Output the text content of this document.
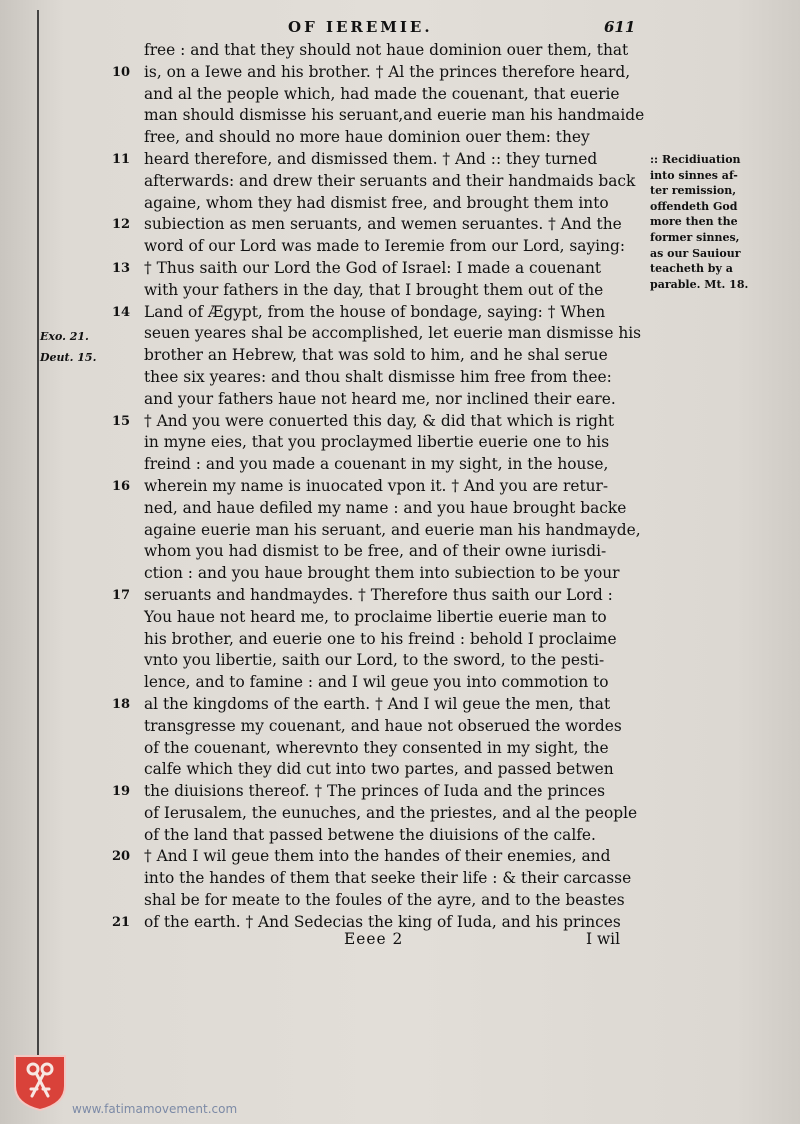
OF IEREMIE.	611
Exo. 21.
Deut. 15.
free : and that they should not haue dominion ouer them, that
10 is, on a Iewe and his brother. † Al the princes therefore heard,
and al the people which, had made the couenant, that euerie
man should dismisse his seruant,and euerie man his handmaide
free, and should no more haue dominion ouer them: they
11 heard therefore, and dismissed them. † And :: they turned
afterwards: and drew their seruants and their handmaids back
againe, whom they had dismist free, and brought them into
12 subiection as men seruants, and wemen seruantes. † And the
word of our Lord was made to Ieremie from our Lord, saying:
13 † Thus saith our Lord the God of Israel: I made a couenant
with your fathers in the day, that I brought them out of the
14 Land of Ægypt, from the house of bondage, saying: † When
seuen yeares shal be accomplished, let euerie man dismisse his
brother an Hebrew, that was sold to him, and he shal serue
thee six yeares: and thou shalt dismisse him free from thee:
and your fathers haue not heard me, nor inclined their eare.
15 † And you were conuerted this day, & did that which is right
in myne eies, that you proclaymed libertie euerie one to his
freind : and you made a couenant in my sight, in the house,
16 wherein my name is inuocated vpon it. † And you are retur-
ned, and haue defiled my name : and you haue brought backe
againe euerie man his seruant, and euerie man his handmayde,
whom you had dismist to be free, and of their owne iurisdi-
ction : and you haue brought them into subiection to be your
17 seruants and handmaydes. † Therefore thus saith our Lord :
You haue not heard me, to proclaime libertie euerie man to
his brother, and euerie one to his freind : behold I proclaime
vnto you libertie, saith our Lord, to the sword, to the pesti-
lence, and to famine : and I wil geue you into commotion to
18 al the kingdoms of the earth. † And I wil geue the men, that
transgresse my couenant, and haue not obserued the wordes
of the couenant, wherevnto they consented in my sight, the
calfe which they did cut into two partes, and passed betwen
19 the diuisions thereof. † The princes of Iuda and the princes
of Ierusalem, the eunuches, and the priestes, and al the people
of the land that passed betwene the diuisions of the calfe.
20 † And I wil geue them into the handes of their enemies, and
into the handes of them that seeke their life : & their carcasse
shal be for meate to the foules of the ayre, and to the beastes
21 of the earth. † And Sedecias the king of Iuda, and his princes
:: Recidiuation
into sinnes af-
ter remission,
offendeth God
more then the
former sinnes,
as our Sauiour
teacheth by a
parable. Mt. 18.
Eeee 2	I wil
www.fatimamovement.com
